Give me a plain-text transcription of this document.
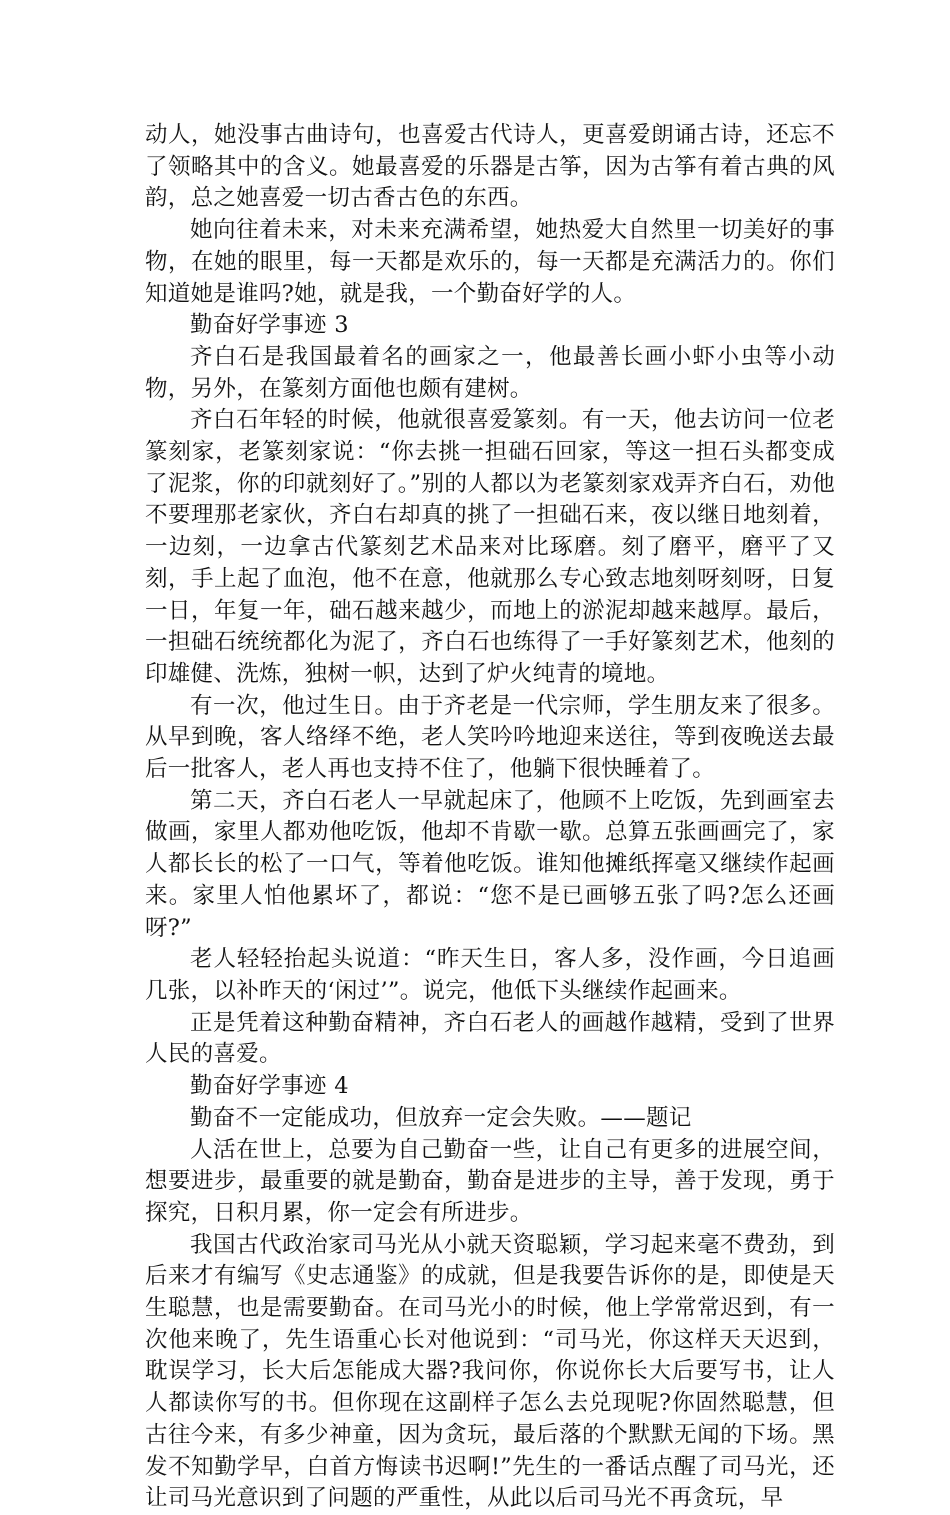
动人，她没事古曲诗句，也喜爱古代诗人，更喜爱朗诵古诗，还忘不了领略其中的含义。她最喜爱的乐器是古筝，因为古筝有着古典的风韵，总之她喜爱一切古香古色的东西。

她向往着未来，对未来充满希望，她热爱大自然里一切美好的事物，在她的眼里，每一天都是欢乐的，每一天都是充满活力的。你们知道她是谁吗?她，就是我，一个勤奋好学的人。

勤奋好学事迹 3

齐白石是我国最着名的画家之一，他最善长画小虾小虫等小动物，另外，在篆刻方面他也颇有建树。

齐白石年轻的时候，他就很喜爱篆刻。有一天，他去访问一位老篆刻家，老篆刻家说：“你去挑一担础石回家，等这一担石头都变成了泥浆，你的印就刻好了。”别的人都以为老篆刻家戏弄齐白石，劝他不要理那老家伙，齐白右却真的挑了一担础石来，夜以继日地刻着，一边刻，一边拿古代篆刻艺术品来对比琢磨。刻了磨平，磨平了又刻，手上起了血泡，他不在意，他就那么专心致志地刻呀刻呀，日复一日，年复一年，础石越来越少，而地上的淤泥却越来越厚。最后，一担础石统统都化为泥了，齐白石也练得了一手好篆刻艺术，他刻的印雄健、洗炼，独树一帜，达到了炉火纯青的境地。

有一次，他过生日。由于齐老是一代宗师，学生朋友来了很多。从早到晚，客人络绎不绝，老人笑吟吟地迎来送往，等到夜晚送去最后一批客人，老人再也支持不住了，他躺下很快睡着了。

第二天，齐白石老人一早就起床了，他顾不上吃饭，先到画室去做画，家里人都劝他吃饭，他却不肯歇一歇。总算五张画画完了，家人都长长的松了一口气，等着他吃饭。谁知他摊纸挥毫又继续作起画来。家里人怕他累坏了，都说：“您不是已画够五张了吗?怎么还画呀?”

老人轻轻抬起头说道：“昨天生日，客人多，没作画，今日追画几张，以补昨天的‘闲过’”。说完，他低下头继续作起画来。

正是凭着这种勤奋精神，齐白石老人的画越作越精，受到了世界人民的喜爱。

勤奋好学事迹 4

勤奋不一定能成功，但放弃一定会失败。——题记

人活在世上，总要为自己勤奋一些，让自己有更多的进展空间，想要进步，最重要的就是勤奋，勤奋是进步的主导，善于发现，勇于探究，日积月累，你一定会有所进步。

我国古代政治家司马光从小就天资聪颖，学习起来毫不费劲，到后来才有编写《史志通鉴》的成就，但是我要告诉你的是，即使是天生聪慧，也是需要勤奋。在司马光小的时候，他上学常常迟到，有一次他来晚了，先生语重心长对他说到：“司马光，你这样天天迟到，耽误学习，长大后怎能成大器?我问你，你说你长大后要写书，让人人都读你写的书。但你现在这副样子怎么去兑现呢?你固然聪慧，但古往今来，有多少神童，因为贪玩，最后落的个默默无闻的下场。黑发不知勤学早，白首方悔读书迟啊!”先生的一番话点醒了司马光，还让司马光意识到了问题的严重性，从此以后司马光不再贪玩，早
